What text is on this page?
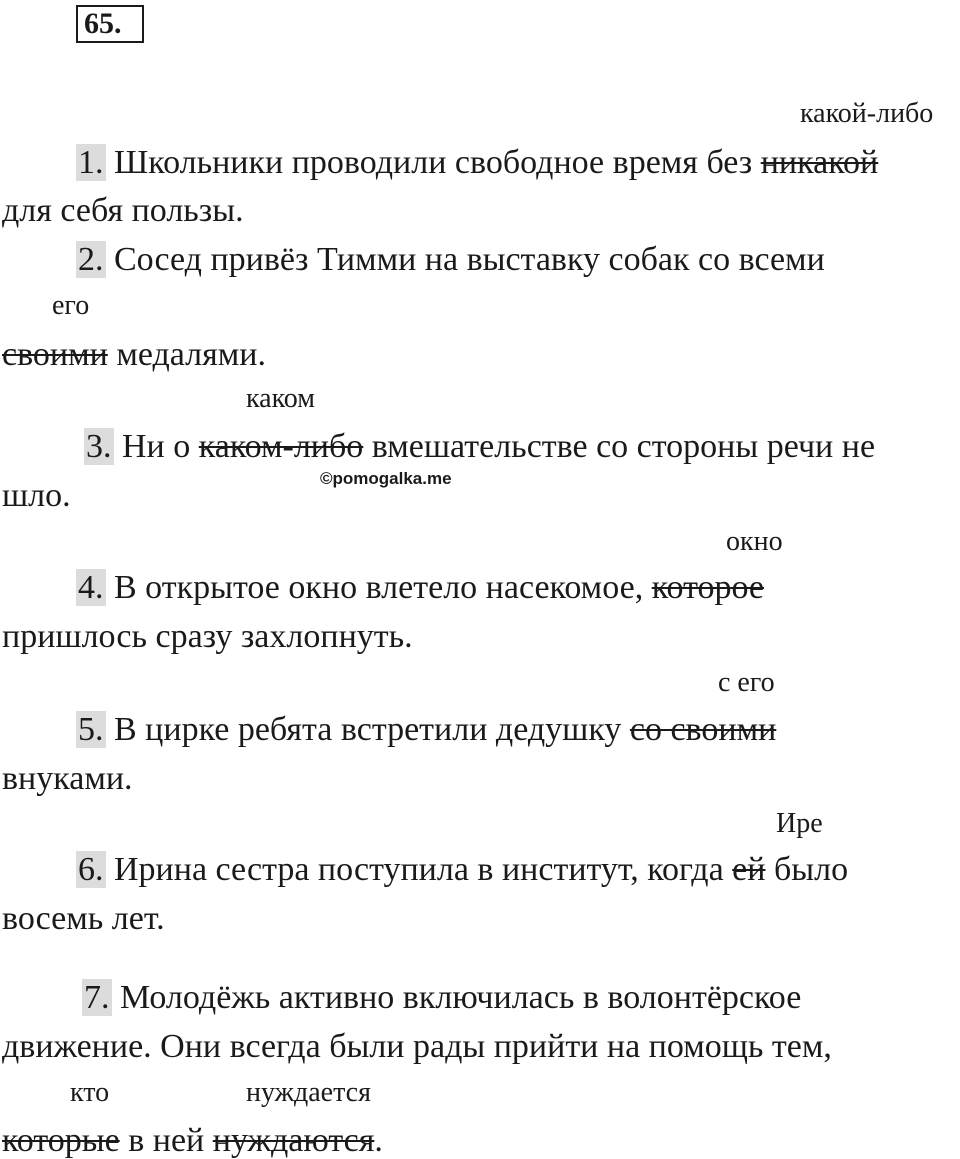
65.
какой-либо
1. Школьники проводили свободное время без никакой
для себя пользы.
2. Сосед привёз Тимми на выставку собак со всеми
его
своими медалями.
каком
3. Ни о каком-либо вмешательстве со стороны речи не
©pomogalka.me
шло.
окно
4. В открытое окно влетело насекомое, которое
пришлось сразу захлопнуть.
с его
5. В цирке ребята встретили дедушку со своими
внуками.
Ире
6. Ирина сестра поступила в институт, когда ей было
восемь лет.
7. Молодёжь активно включилась в волонтёрское
движение. Они всегда были рады прийти на помощь тем,
кто	нуждается
которые в ней нуждаются.
